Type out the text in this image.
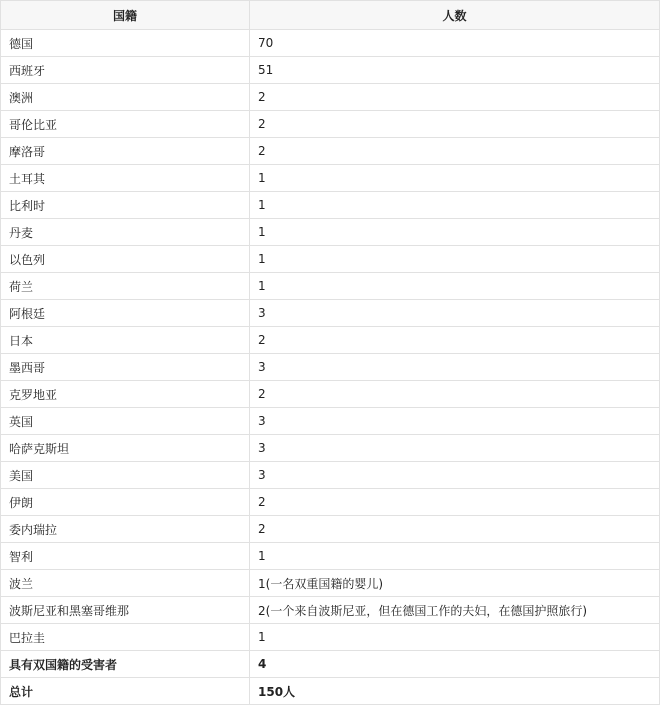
国籍	人数
德国	70
西班牙	51
澳洲	2
哥伦比亚	2
摩洛哥	2
土耳其	1
比利时	1
丹麦	1
以色列	1
荷兰	1
阿根廷	3
日本	2
墨西哥	3
克罗地亚	2
英国	3
哈萨克斯坦	3
美国	3
伊朗	2
委内瑞拉	2
智利	1
波兰	1(一名双重国籍的婴儿)
波斯尼亚和黑塞哥维那	2(一个来自波斯尼亚，但在德国工作的夫妇，在德国护照旅行)
巴拉圭	1
具有双国籍的受害者	4
总计	150人
